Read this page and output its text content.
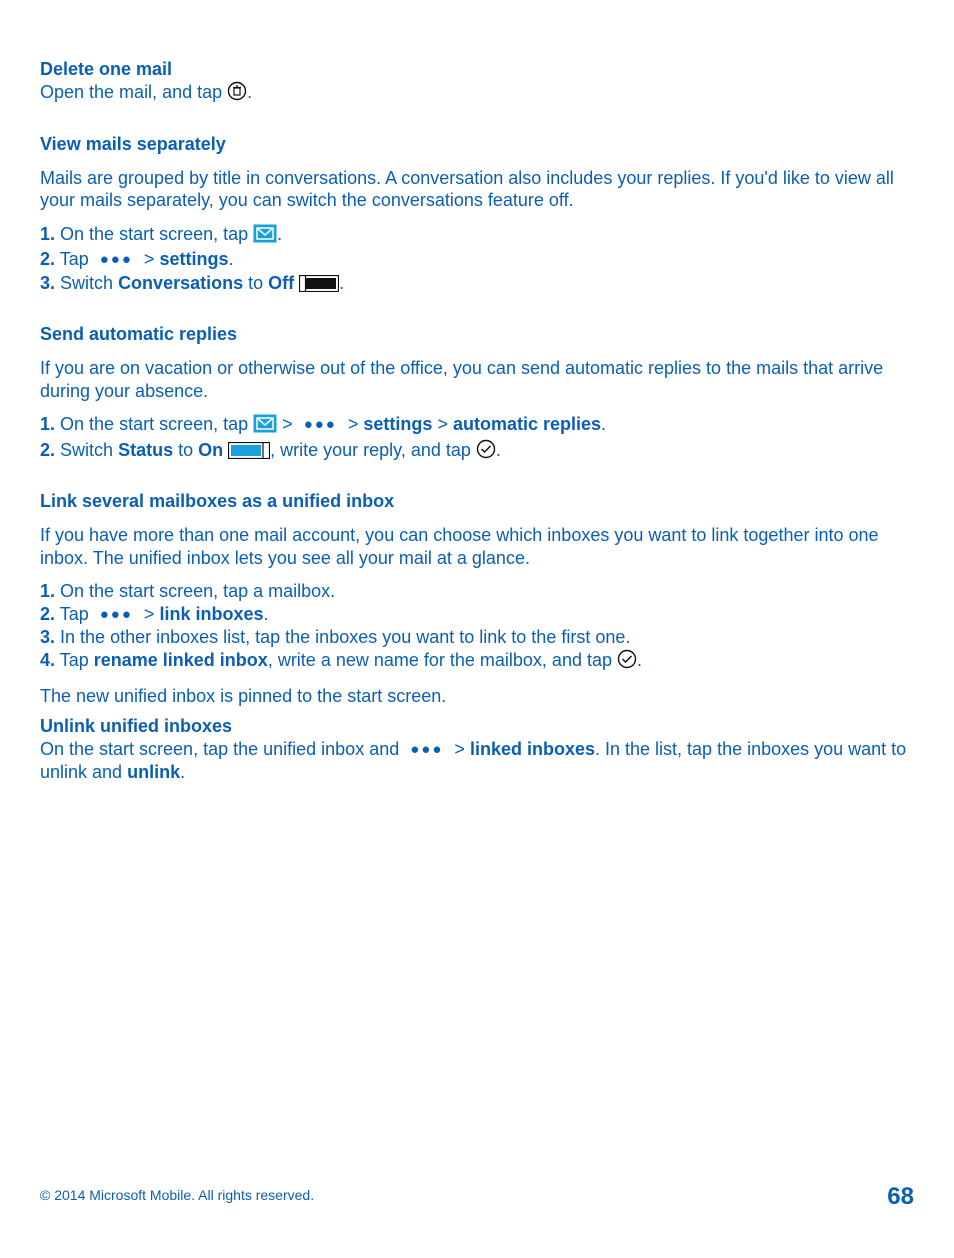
Delete one mail

Open the mail, and tap .

View mails separately

Mails are grouped by title in conversations. A conversation also includes your replies. If you'd like to view all your mails separately, you can switch the conversations feature off.

1. On the start screen, tap .
2. Tap ●●● > settings.
3. Switch Conversations to Off	.
Send automatic replies

If you are on vacation or otherwise out of the office, you can send automatic replies to the mails that arrive during your absence.

1. On the start screen, tap > ●●● > settings > automatic replies.
2. Switch Status to On	, write your reply, and tap .
Link several mailboxes as a unified inbox

If you have more than one mail account, you can choose which inboxes you want to link together into one inbox. The unified inbox lets you see all your mail at a glance.

1. On the start screen, tap a mailbox.
2. Tap ●●● > link inboxes.
3. In the other inboxes list, tap the inboxes you want to link to the first one.
4. Tap rename linked inbox, write a new name for the mailbox, and tap .

The new unified inbox is pinned to the start screen.

Unlink unified inboxes

On the start screen, tap the unified inbox and ●●● > linked inboxes. In the list, tap the inboxes you want to unlink and unlink.

© 2014 Microsoft Mobile. All rights reserved.	68
